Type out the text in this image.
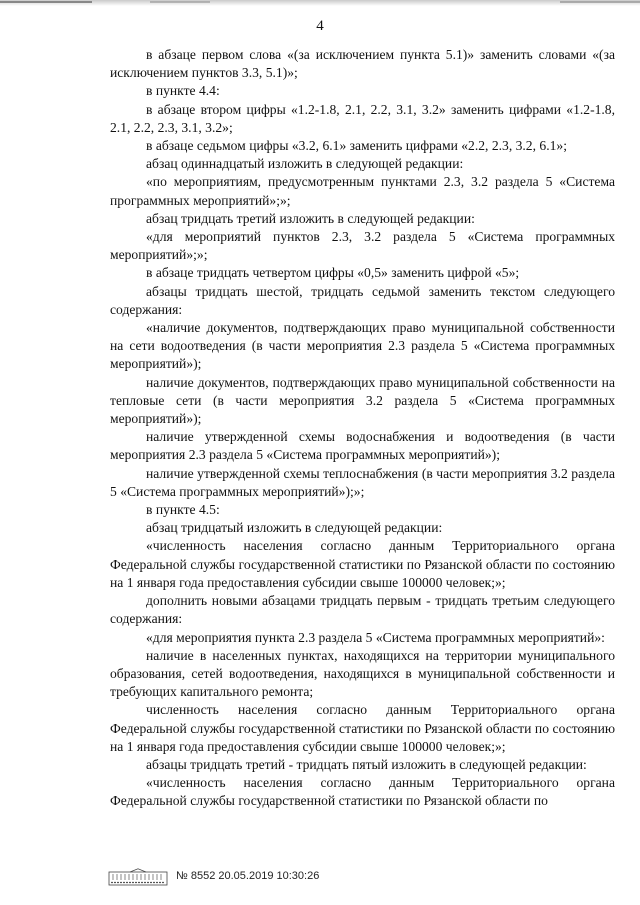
4

в абзаце первом слова «(за исключением пункта 5.1)» заменить словами «(за исключением пунктов 3.3, 5.1)»;

в пункте 4.4:

в абзаце втором цифры «1.2-1.8, 2.1, 2.2, 3.1, 3.2» заменить цифрами «1.2-1.8, 2.1, 2.2, 2.3, 3.1, 3.2»;

в абзаце седьмом цифры «3.2, 6.1» заменить цифрами «2.2, 2.3, 3.2, 6.1»;

абзац одиннадцатый изложить в следующей редакции:

«по мероприятиям, предусмотренным пунктами 2.3, 3.2 раздела 5 «Система программных мероприятий»;»;

абзац тридцать третий изложить в следующей редакции:

«для мероприятий пунктов 2.3, 3.2 раздела 5 «Система программных мероприятий»;»;

в абзаце тридцать четвертом цифры «0,5» заменить цифрой «5»;

абзацы тридцать шестой, тридцать седьмой заменить текстом следующего содержания:

«наличие документов, подтверждающих право муниципальной собственности на сети водоотведения (в части мероприятия 2.3 раздела 5 «Система программных мероприятий»);

наличие документов, подтверждающих право муниципальной собственности на тепловые сети (в части мероприятия 3.2 раздела 5 «Система программных мероприятий»);

наличие утвержденной схемы водоснабжения и водоотведения (в части мероприятия 2.3 раздела 5 «Система программных мероприятий»);

наличие утвержденной схемы теплоснабжения (в части мероприятия 3.2 раздела 5 «Система программных мероприятий»);»;

в пункте 4.5:

абзац тридцатый изложить в следующей редакции:

«численность населения согласно данным Территориального органа Федеральной службы государственной статистики по Рязанской области по состоянию на 1 января года предоставления субсидии свыше 100000 человек;»;

дополнить новыми абзацами тридцать первым - тридцать третьим следующего содержания:

«для мероприятия пункта 2.3 раздела 5 «Система программных мероприятий»:

наличие в населенных пунктах, находящихся на территории муниципального образования, сетей водоотведения, находящихся в муниципальной собственности и требующих капитального ремонта;

численность населения согласно данным Территориального органа Федеральной службы государственной статистики по Рязанской области по состоянию на 1 января года предоставления субсидии свыше 100000 человек;»;

абзацы тридцать третий - тридцать пятый изложить в следующей редакции:

«численность населения согласно данным Территориального органа Федеральной службы государственной статистики по Рязанской области по

№ 8552 20.05.2019 10:30:26
